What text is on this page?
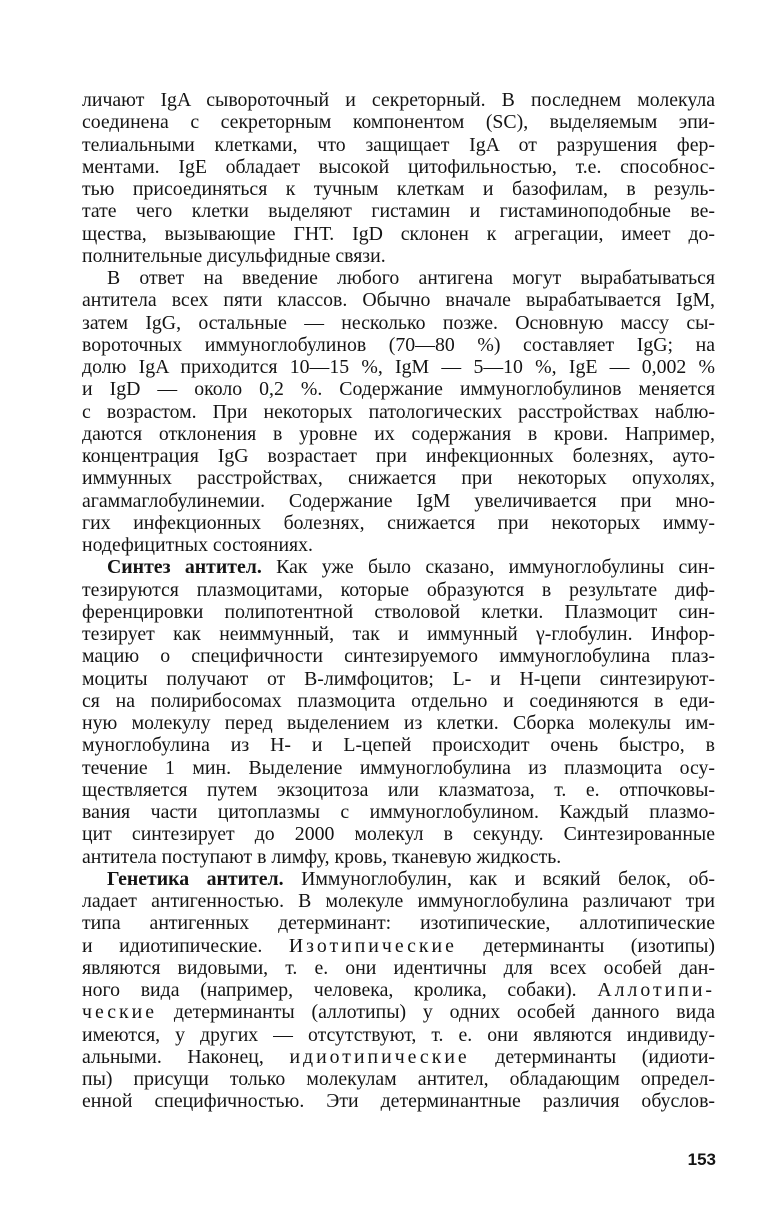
личают IgA сывороточный и секреторный. В последнем молекула
соединена с секреторным компонентом (SC), выделяемым эпи-
телиальными клетками, что защищает IgA от разрушения фер-
ментами. IgE обладает высокой цитофильностью, т.е. способнос-
тью присоединяться к тучным клеткам и базофилам, в резуль-
тате чего клетки выделяют гистамин и гистаминоподобные ве-
щества, вызывающие ГНТ. IgD склонен к агрегации, имеет до-
полнительные дисульфидные связи.
В ответ на введение любого антигена могут вырабатываться
антитела всех пяти классов. Обычно вначале вырабатывается IgM,
затем IgG, остальные — несколько позже. Основную массу сы-
вороточных иммуноглобулинов (70—80 %) составляет IgG; на
долю IgA приходится 10—15 %, IgM — 5—10 %, IgE — 0,002 %
и IgD — около 0,2 %. Содержание иммуноглобулинов меняется
с возрастом. При некоторых патологических расстройствах наблю-
даются отклонения в уровне их содержания в крови. Например,
концентрация IgG возрастает при инфекционных болезнях, ауто-
иммунных расстройствах, снижается при некоторых опухолях,
агаммаглобулинемии. Содержание IgM увеличивается при мно-
гих инфекционных болезнях, снижается при некоторых имму-
нодефицитных состояниях.
Синтез антител. Как уже было сказано, иммуноглобулины син-
тезируются плазмоцитами, которые образуются в результате диф-
ференцировки полипотентной стволовой клетки. Плазмоцит син-
тезирует как неиммунный, так и иммунный γ-глобулин. Инфор-
мацию о специфичности синтезируемого иммуноглобулина плаз-
моциты получают от В-лимфоцитов; L- и Н-цепи синтезируют-
ся на полирибосомах плазмоцита отдельно и соединяются в еди-
ную молекулу перед выделением из клетки. Сборка молекулы им-
муноглобулина из Н- и L-цепей происходит очень быстро, в
течение 1 мин. Выделение иммуноглобулина из плазмоцита осу-
ществляется путем экзоцитоза или клазматоза, т. е. отпочковы-
вания части цитоплазмы с иммуноглобулином. Каждый плазмо-
цит синтезирует до 2000 молекул в секунду. Синтезированные
антитела поступают в лимфу, кровь, тканевую жидкость.
Генетика антител. Иммуноглобулин, как и всякий белок, об-
ладает антигенностью. В молекуле иммуноглобулина различают три
типа антигенных детерминант: изотипические, аллотипические
и идиотипические. Изотипические детерминанты (изотипы)
являются видовыми, т. е. они идентичны для всех особей дан-
ного вида (например, человека, кролика, собаки). Аллотипи-
ческие детерминанты (аллотипы) у одних особей данного вида
имеются, у других — отсутствуют, т. е. они являются индивиду-
альными. Наконец, идиотипические детерминанты (идиоти-
пы) присущи только молекулам антител, обладающим определ-
енной специфичностью. Эти детерминантные различия обуслов-
153
